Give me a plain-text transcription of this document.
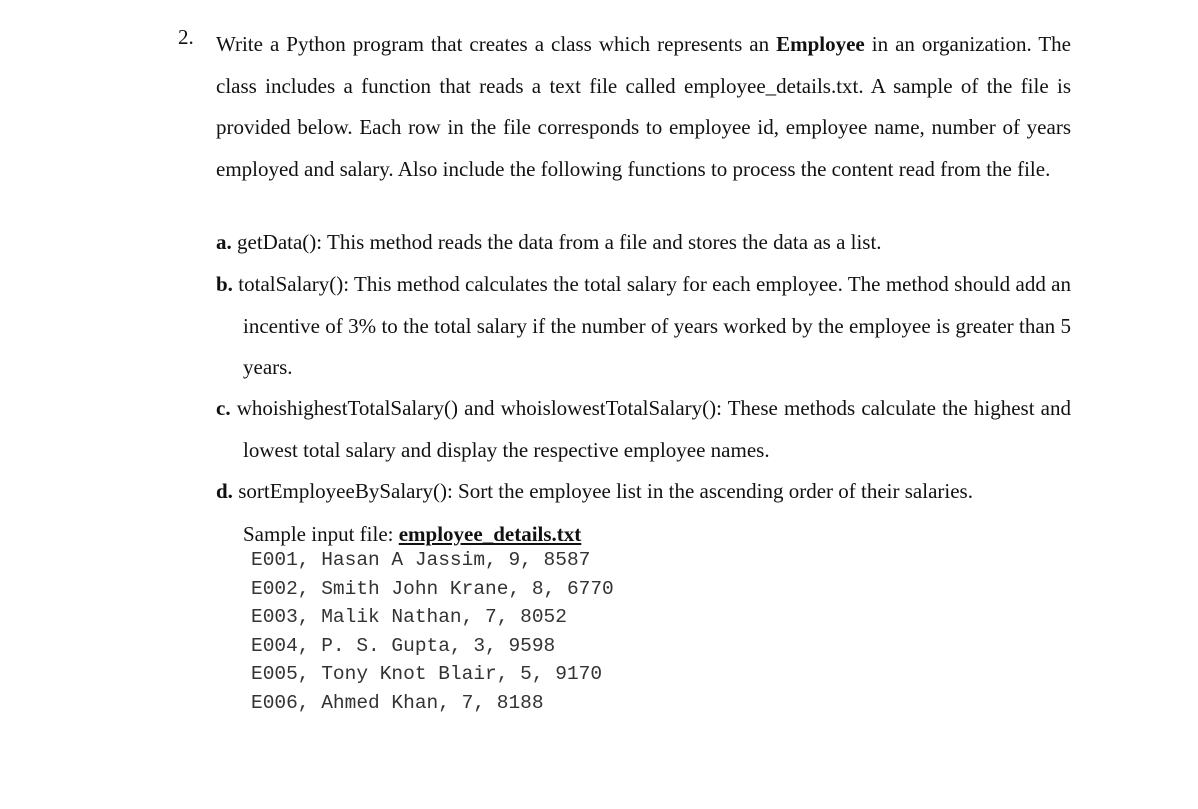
2. Write a Python program that creates a class which represents an Employee in an organization. The class includes a function that reads a text file called employee_details.txt. A sample of the file is provided below. Each row in the file corresponds to employee id, employee name, number of years employed and salary. Also include the following functions to process the content read from the file.

a. getData(): This method reads the data from a file and stores the data as a list.

b. totalSalary(): This method calculates the total salary for each employee. The method should add an incentive of 3% to the total salary if the number of years worked by the employee is greater than 5 years.

c. whoishighestTotalSalary() and whoislowestTotalSalary(): These methods calculate the highest and lowest total salary and display the respective employee names.

d. sortEmployeeBySalary(): Sort the employee list in the ascending order of their salaries.

Sample input file: employee_details.txt
E001, Hasan A Jassim, 9, 8587
E002, Smith John Krane, 8, 6770
E003, Malik Nathan, 7, 8052
E004, P. S. Gupta, 3, 9598
E005, Tony Knot Blair, 5, 9170
E006, Ahmed Khan, 7, 8188
